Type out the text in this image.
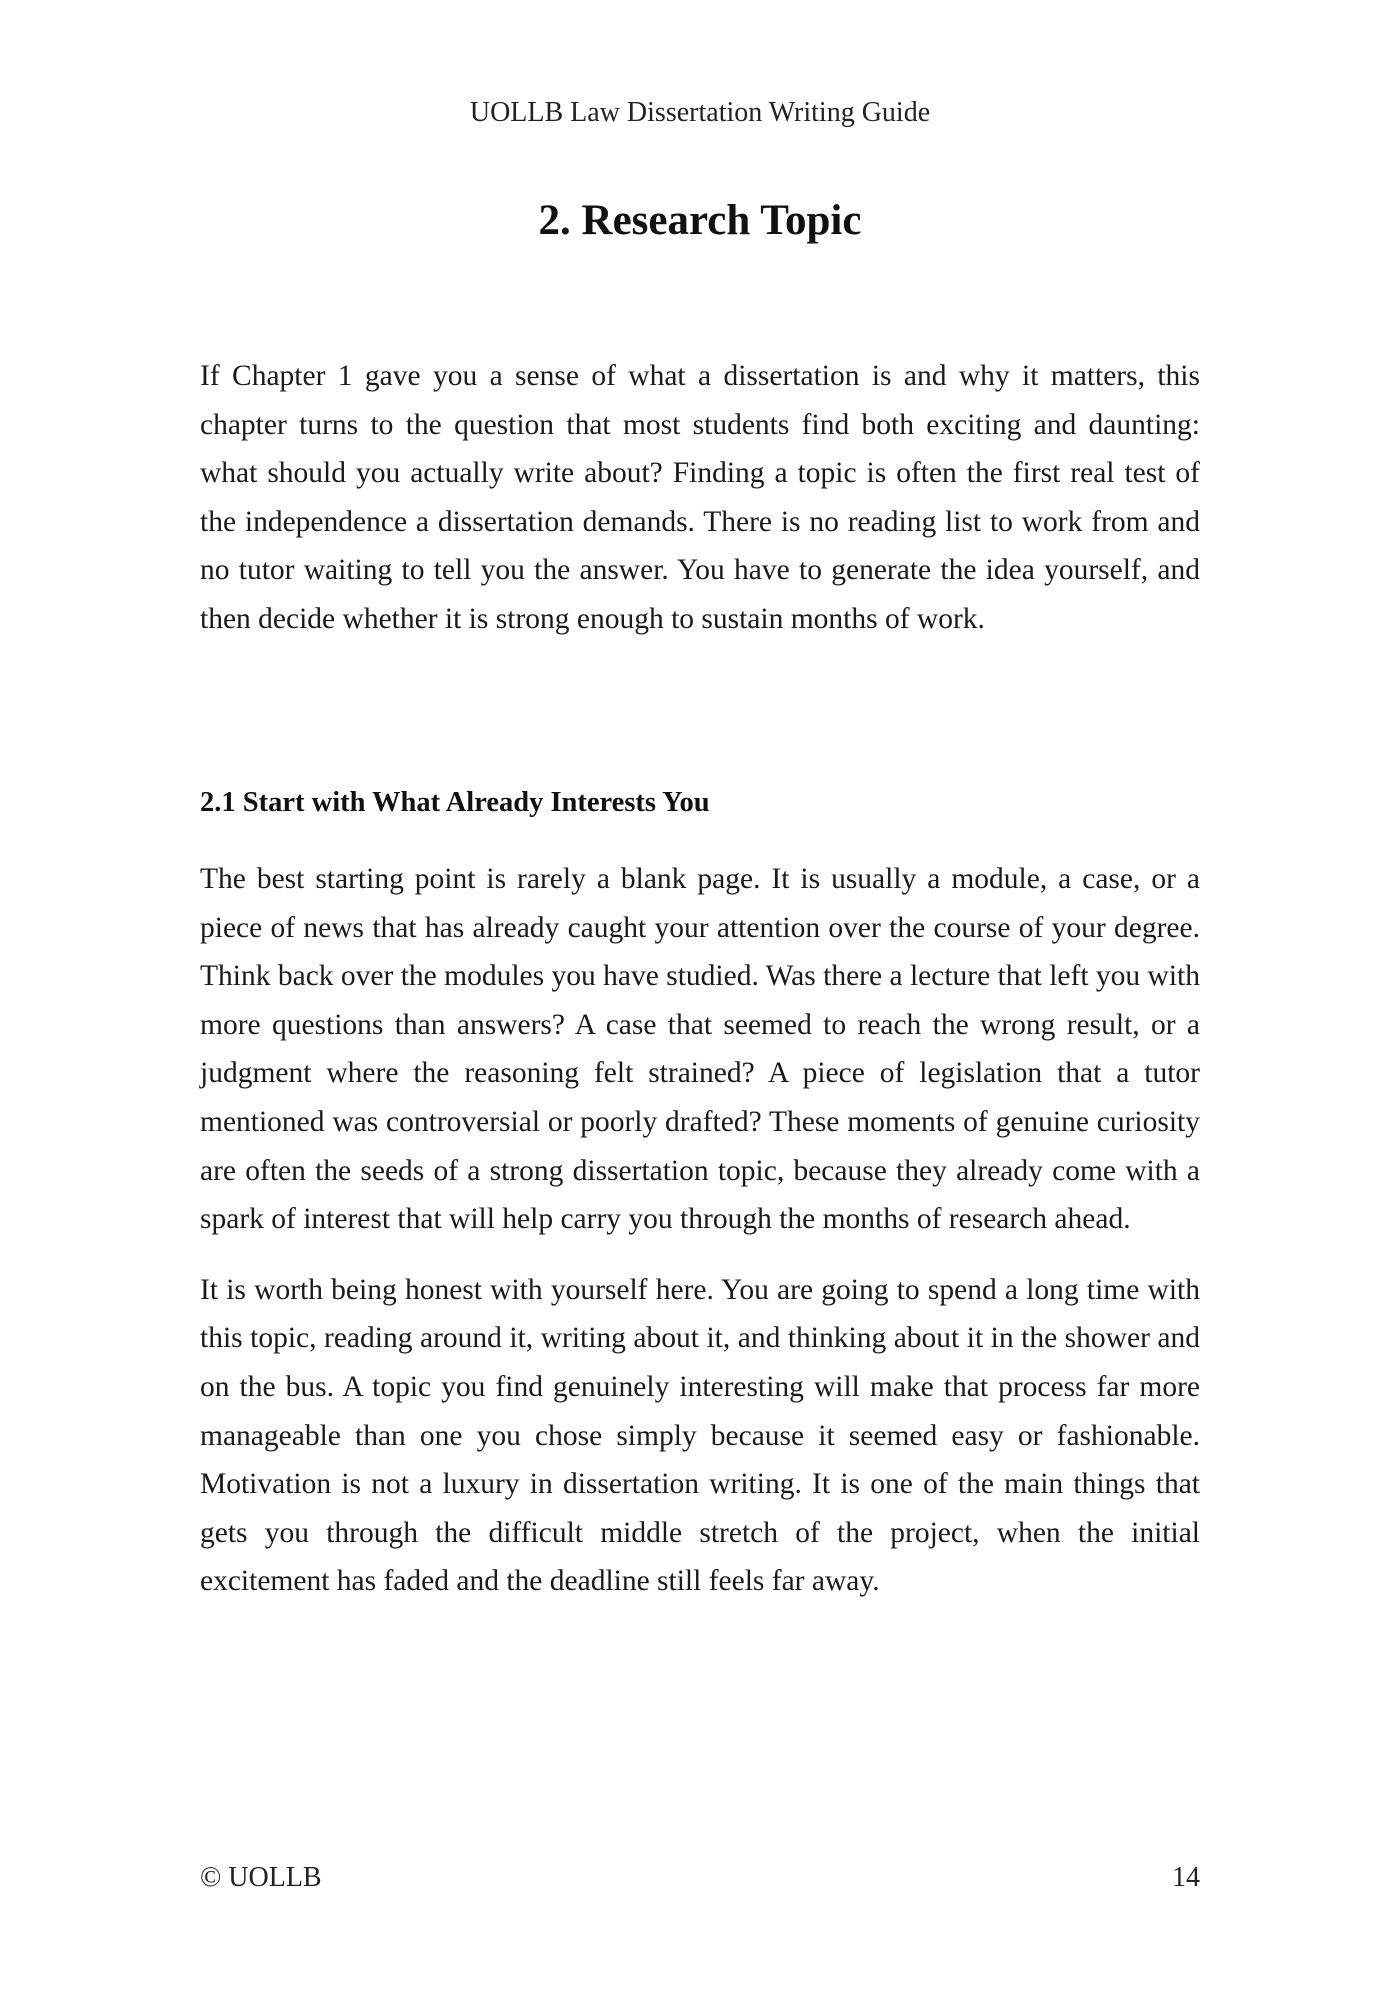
UOLLB Law Dissertation Writing Guide
2. Research Topic

If Chapter 1 gave you a sense of what a dissertation is and why it matters, this chapter turns to the question that most students find both exciting and daunting: what should you actually write about? Finding a topic is often the first real test of the independence a dissertation demands. There is no reading list to work from and no tutor waiting to tell you the answer. You have to generate the idea yourself, and then decide whether it is strong enough to sustain months of work.

2.1 Start with What Already Interests You

The best starting point is rarely a blank page. It is usually a module, a case, or a piece of news that has already caught your attention over the course of your degree. Think back over the modules you have studied. Was there a lecture that left you with more questions than answers? A case that seemed to reach the wrong result, or a judgment where the reasoning felt strained? A piece of legislation that a tutor mentioned was controversial or poorly drafted? These moments of genuine curiosity are often the seeds of a strong dissertation topic, because they already come with a spark of interest that will help carry you through the months of research ahead.

It is worth being honest with yourself here. You are going to spend a long time with this topic, reading around it, writing about it, and thinking about it in the shower and on the bus. A topic you find genuinely interesting will make that process far more manageable than one you chose simply because it seemed easy or fashionable. Motivation is not a luxury in dissertation writing. It is one of the main things that gets you through the difficult middle stretch of the project, when the initial excitement has faded and the deadline still feels far away.

© UOLLB	14
